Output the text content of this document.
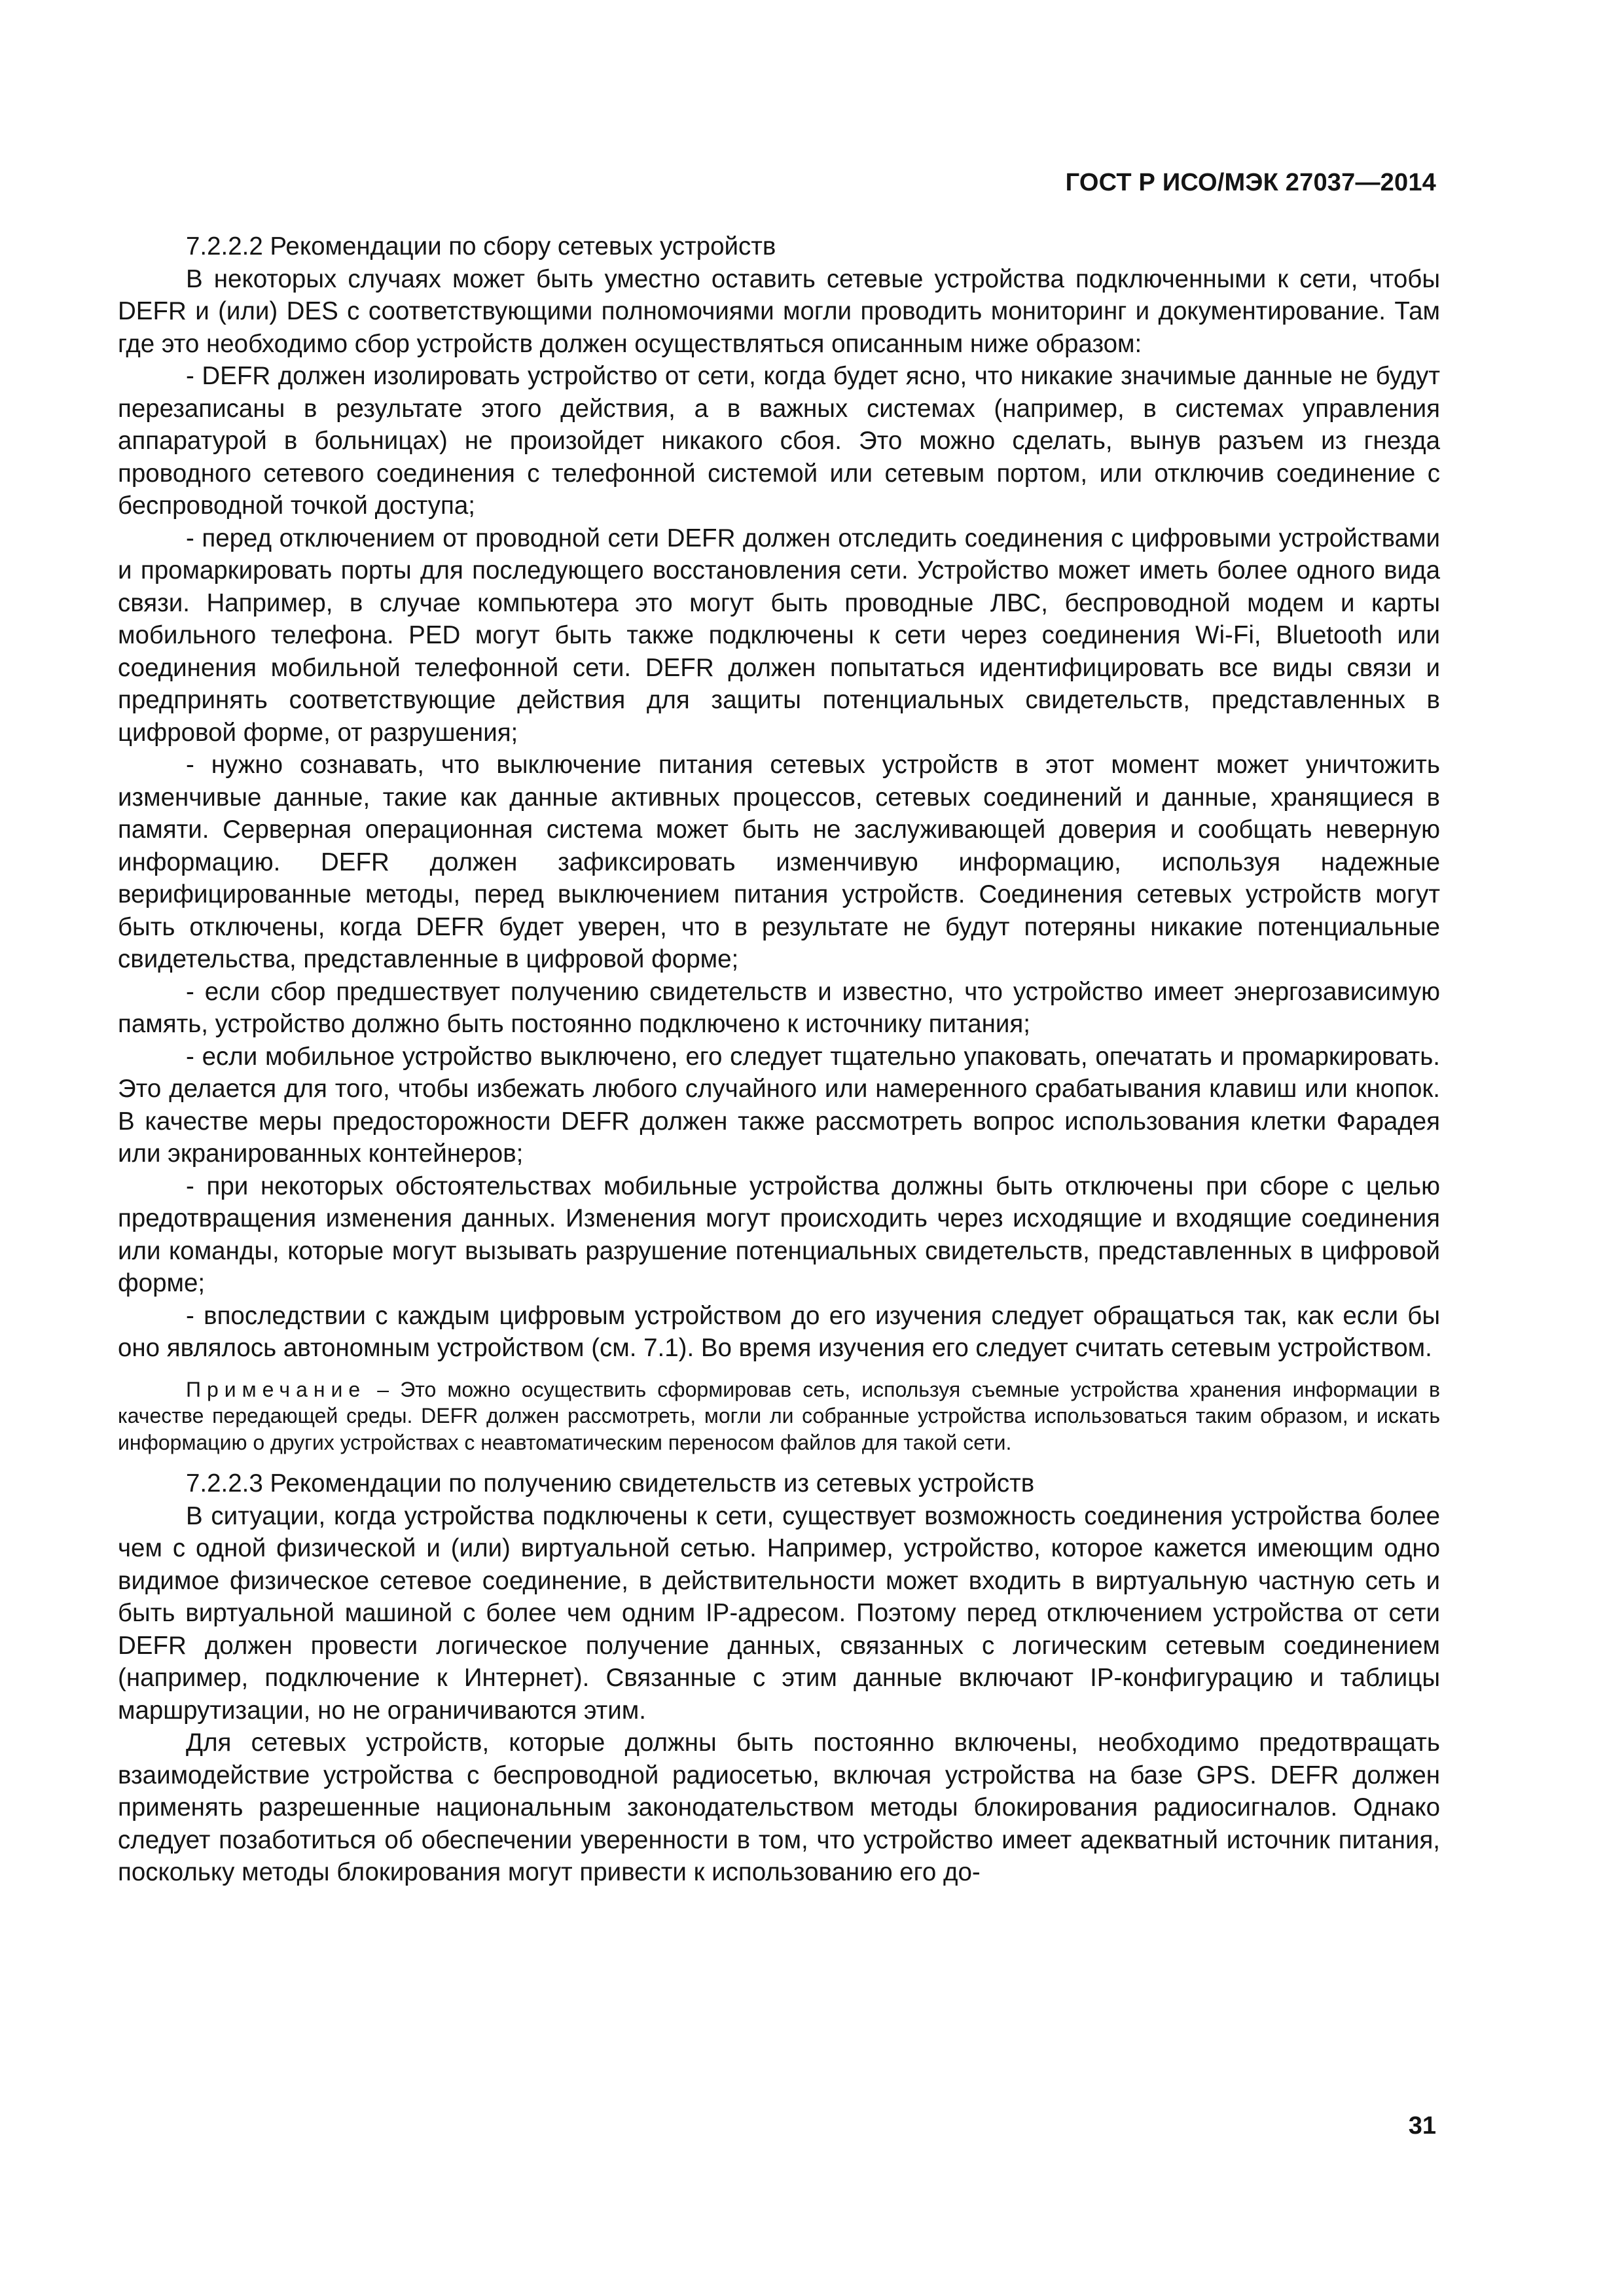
ГОСТ Р ИСО/МЭК 27037—2014

7.2.2.2 Рекомендации по сбору сетевых устройств

В некоторых случаях может быть уместно оставить сетевые устройства подключенными к сети, чтобы DEFR и (или) DES с соответствующими полномочиями могли проводить мониторинг и документирование. Там где это необходимо сбор устройств должен осуществляться описанным ниже образом:

- DEFR должен изолировать устройство от сети, когда будет ясно, что никакие значимые данные не будут перезаписаны в результате этого действия, а в важных системах (например, в системах управления аппаратурой в больницах) не произойдет никакого сбоя. Это можно сделать, вынув разъем из гнезда проводного сетевого соединения с телефонной системой или сетевым портом, или отключив соединение с беспроводной точкой доступа;

- перед отключением от проводной сети DEFR должен отследить соединения с цифровыми устройствами и промаркировать порты для последующего восстановления сети. Устройство может иметь более одного вида связи. Например, в случае компьютера это могут быть проводные ЛВС, беспроводной модем и карты мобильного телефона. PED могут быть также подключены к сети через соединения Wi-Fi, Bluetooth или соединения мобильной телефонной сети. DEFR должен попытаться идентифицировать все виды связи и предпринять соответствующие действия для защиты потенциальных свидетельств, представленных в цифровой форме, от разрушения;

- нужно сознавать, что выключение питания сетевых устройств в этот момент может уничтожить изменчивые данные, такие как данные активных процессов, сетевых соединений и данные, хранящиеся в памяти. Серверная операционная система может быть не заслуживающей доверия и сообщать неверную информацию. DEFR должен зафиксировать изменчивую информацию, используя надежные верифицированные методы, перед выключением питания устройств. Соединения сетевых устройств могут быть отключены, когда DEFR будет уверен, что в результате не будут потеряны никакие потенциальные свидетельства, представленные в цифровой форме;

- если сбор предшествует получению свидетельств и известно, что устройство имеет энергозависимую память, устройство должно быть постоянно подключено к источнику питания;

- если мобильное устройство выключено, его следует тщательно упаковать, опечатать и промаркировать. Это делается для того, чтобы избежать любого случайного или намеренного срабатывания клавиш или кнопок. В качестве меры предосторожности DEFR должен также рассмотреть вопрос использования клетки Фарадея или экранированных контейнеров;

- при некоторых обстоятельствах мобильные устройства должны быть отключены при сборе с целью предотвращения изменения данных. Изменения могут происходить через исходящие и входящие соединения или команды, которые могут вызывать разрушение потенциальных свидетельств, представленных в цифровой форме;

- впоследствии с каждым цифровым устройством до его изучения следует обращаться так, как если бы оно являлось автономным устройством (см. 7.1). Во время изучения его следует считать сетевым устройством.

Примечание – Это можно осуществить сформировав сеть, используя съемные устройства хранения информации в качестве передающей среды. DEFR должен рассмотреть, могли ли собранные устройства использоваться таким образом, и искать информацию о других устройствах с неавтоматическим переносом файлов для такой сети.

7.2.2.3 Рекомендации по получению свидетельств из сетевых устройств

В ситуации, когда устройства подключены к сети, существует возможность соединения устройства более чем с одной физической и (или) виртуальной сетью. Например, устройство, которое кажется имеющим одно видимое физическое сетевое соединение, в действительности может входить в виртуальную частную сеть и быть виртуальной машиной с более чем одним IP-адресом. Поэтому перед отключением устройства от сети DEFR должен провести логическое получение данных, связанных с логическим сетевым соединением (например, подключение к Интернет). Связанные с этим данные включают IP-конфигурацию и таблицы маршрутизации, но не ограничиваются этим.

Для сетевых устройств, которые должны быть постоянно включены, необходимо предотвращать взаимодействие устройства с беспроводной радиосетью, включая устройства на базе GPS. DEFR должен применять разрешенные национальным законодательством методы блокирования радиосигналов. Однако следует позаботиться об обеспечении уверенности в том, что устройство имеет адекватный источник питания, поскольку методы блокирования могут привести к использованию его до-

31
